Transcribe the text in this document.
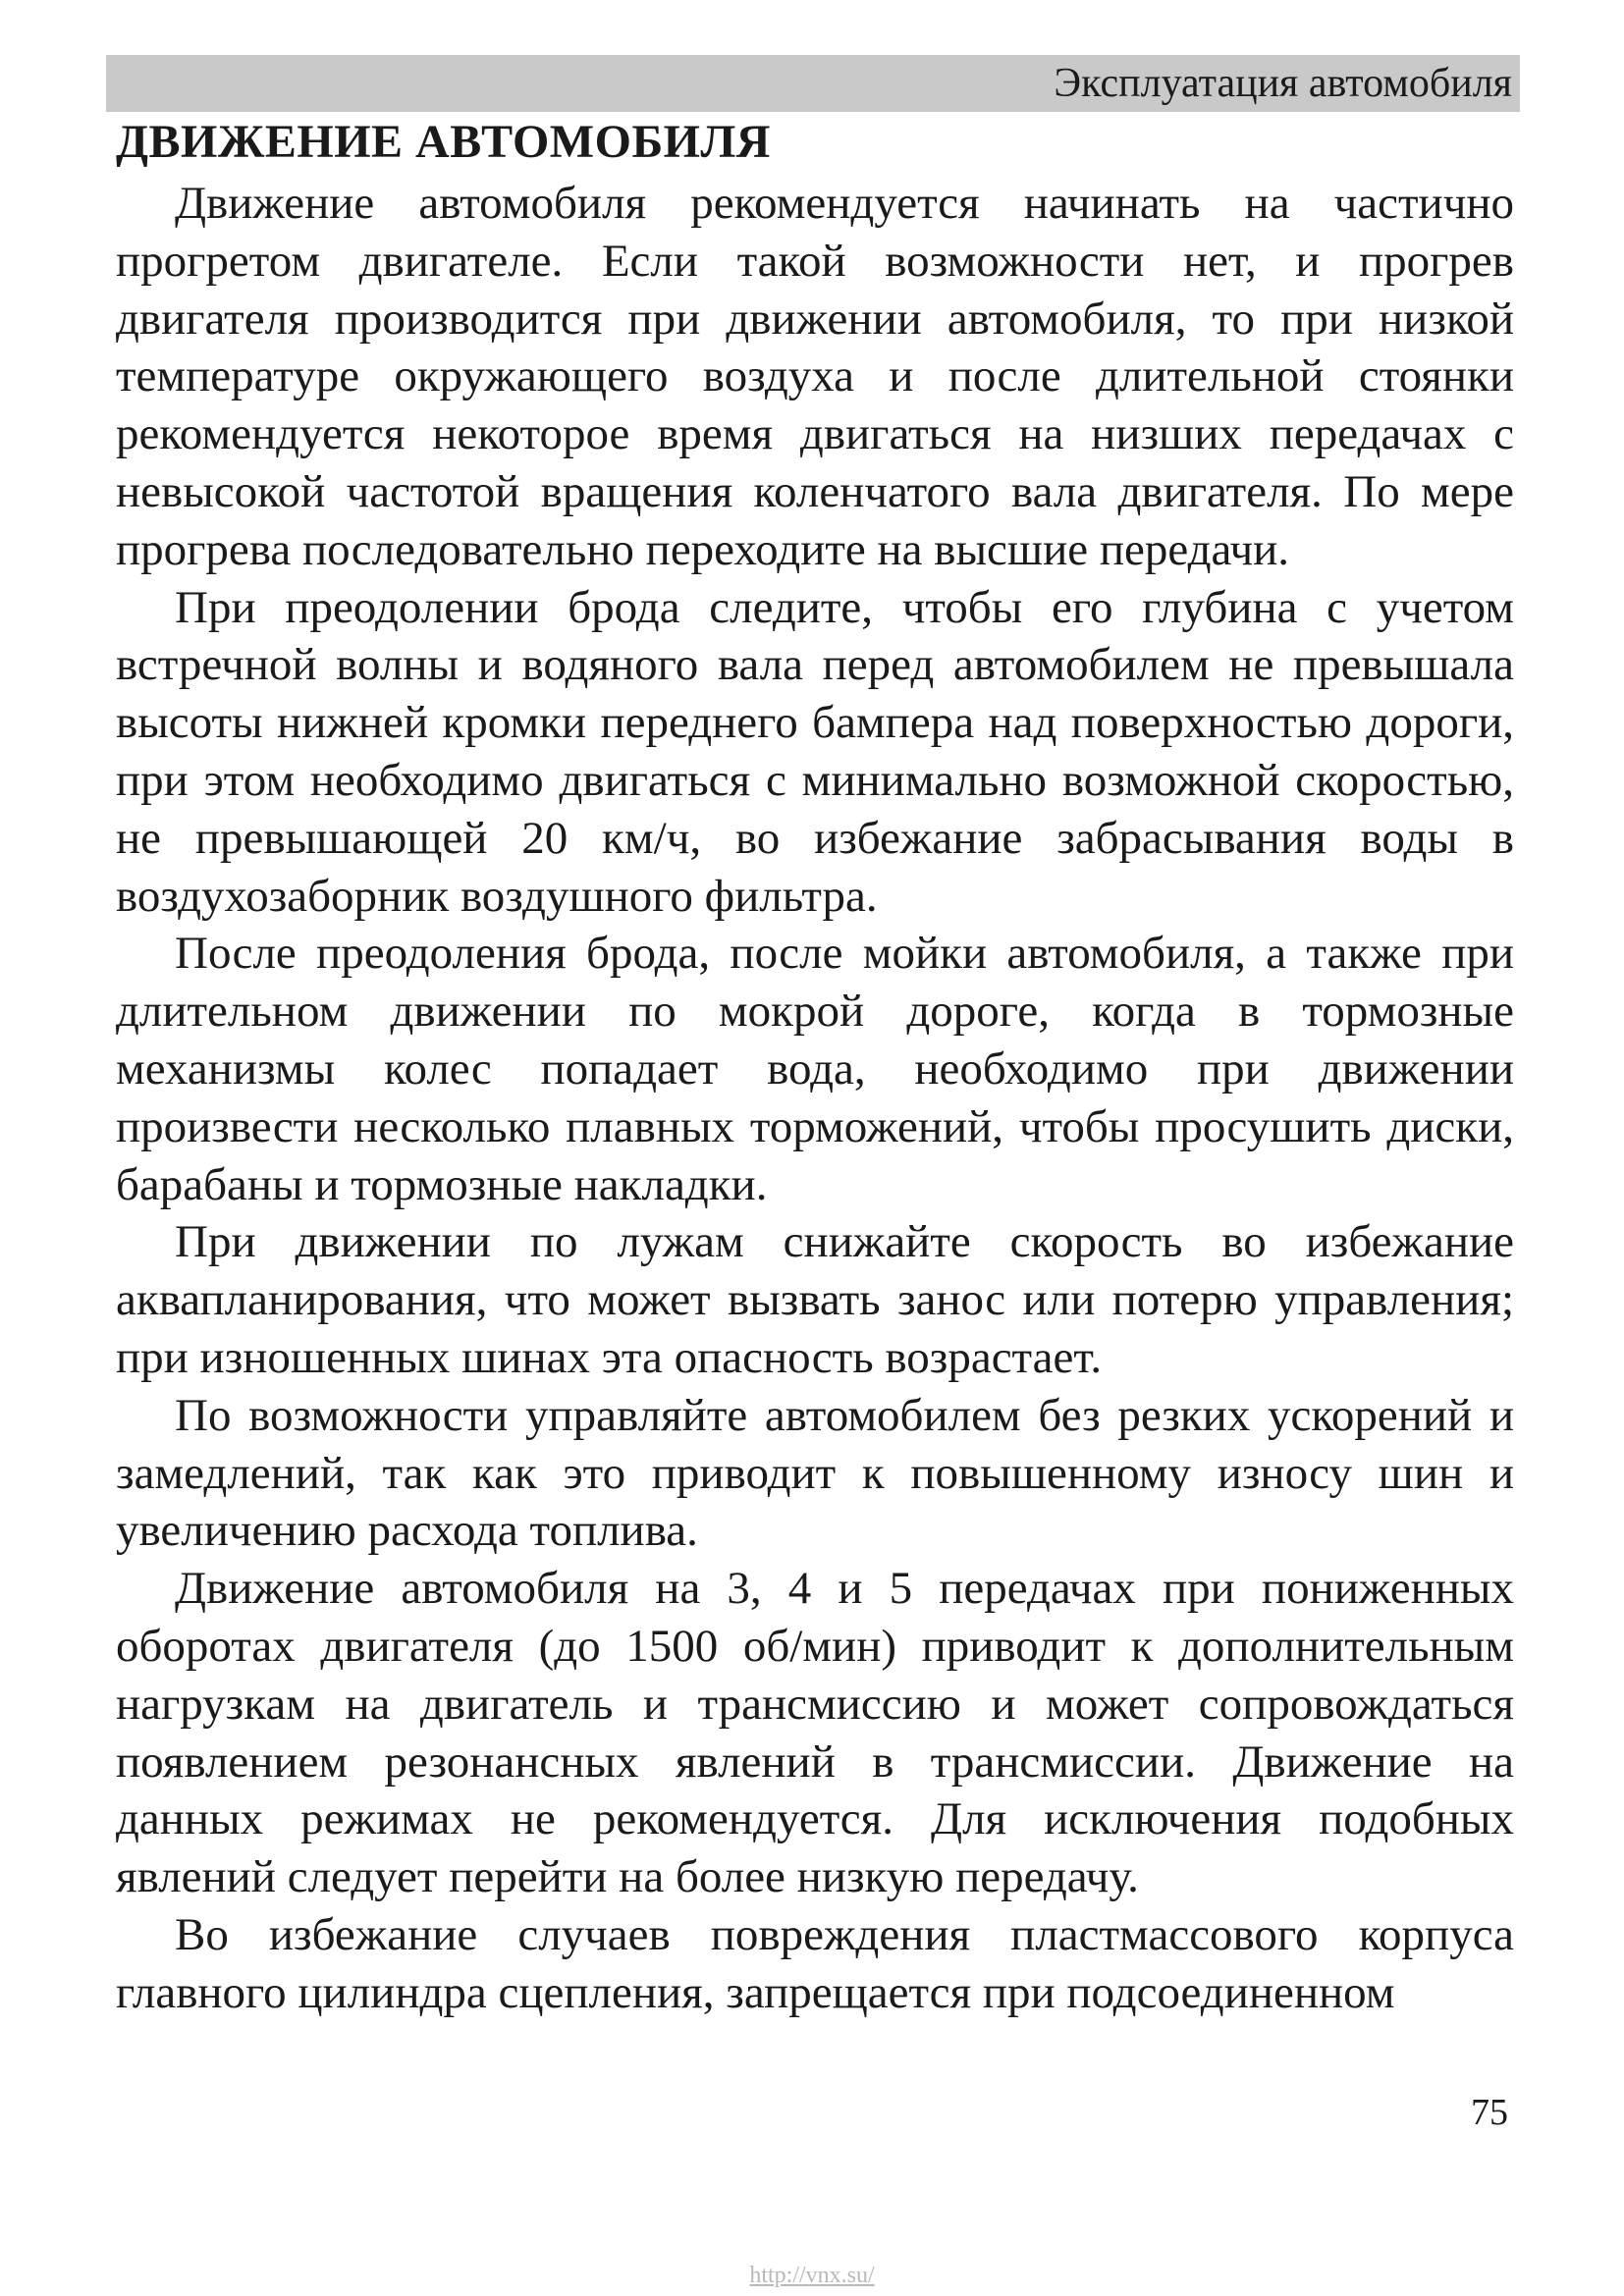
Эксплуатация автомобиля
ДВИЖЕНИЕ АВТОМОБИЛЯ

Движение автомобиля рекомендуется начинать на частично прогретом двигателе. Если такой возможности нет, и прогрев двигателя производится при движении автомобиля, то при низкой температуре окружающего воздуха и после длительной стоянки рекомендуется некоторое время двигаться на низших передачах с невысокой частотой вращения коленчатого вала двигателя. По мере прогрева последовательно переходите на высшие передачи.

При преодолении брода следите, чтобы его глубина с учетом встречной волны и водяного вала перед автомобилем не превышала высоты нижней кромки переднего бампера над поверхностью дороги, при этом необходимо двигаться с минимально возможной скоростью, не превышающей 20 км/ч, во избежание забрасывания воды в воздухозаборник воздушного фильтра.

После преодоления брода, после мойки автомобиля, а также при длительном движении по мокрой дороге, когда в тормозные механизмы колес попадает вода, необходимо при движении произвести несколько плавных торможений, чтобы просушить диски, барабаны и тормозные накладки.

При движении по лужам снижайте скорость во избежание аквапланирования, что может вызвать занос или потерю управления; при изношенных шинах эта опасность возрастает.

По возможности управляйте автомобилем без резких ускорений и замедлений, так как это приводит к повышенному износу шин и увеличению расхода топлива.

Движение автомобиля на 3, 4 и 5 передачах при пониженных оборотах двигателя (до 1500 об/мин) приводит к дополнительным нагрузкам на двигатель и трансмиссию и может сопровождаться появлением резонансных явлений в трансмиссии. Движение на данных режимах не рекомендуется. Для исключения подобных явлений следует перейти на более низкую передачу.

Во избежание случаев повреждения пластмассового корпуса главного цилиндра сцепления, запрещается при подсоединенном

75
http://vnx.su/
